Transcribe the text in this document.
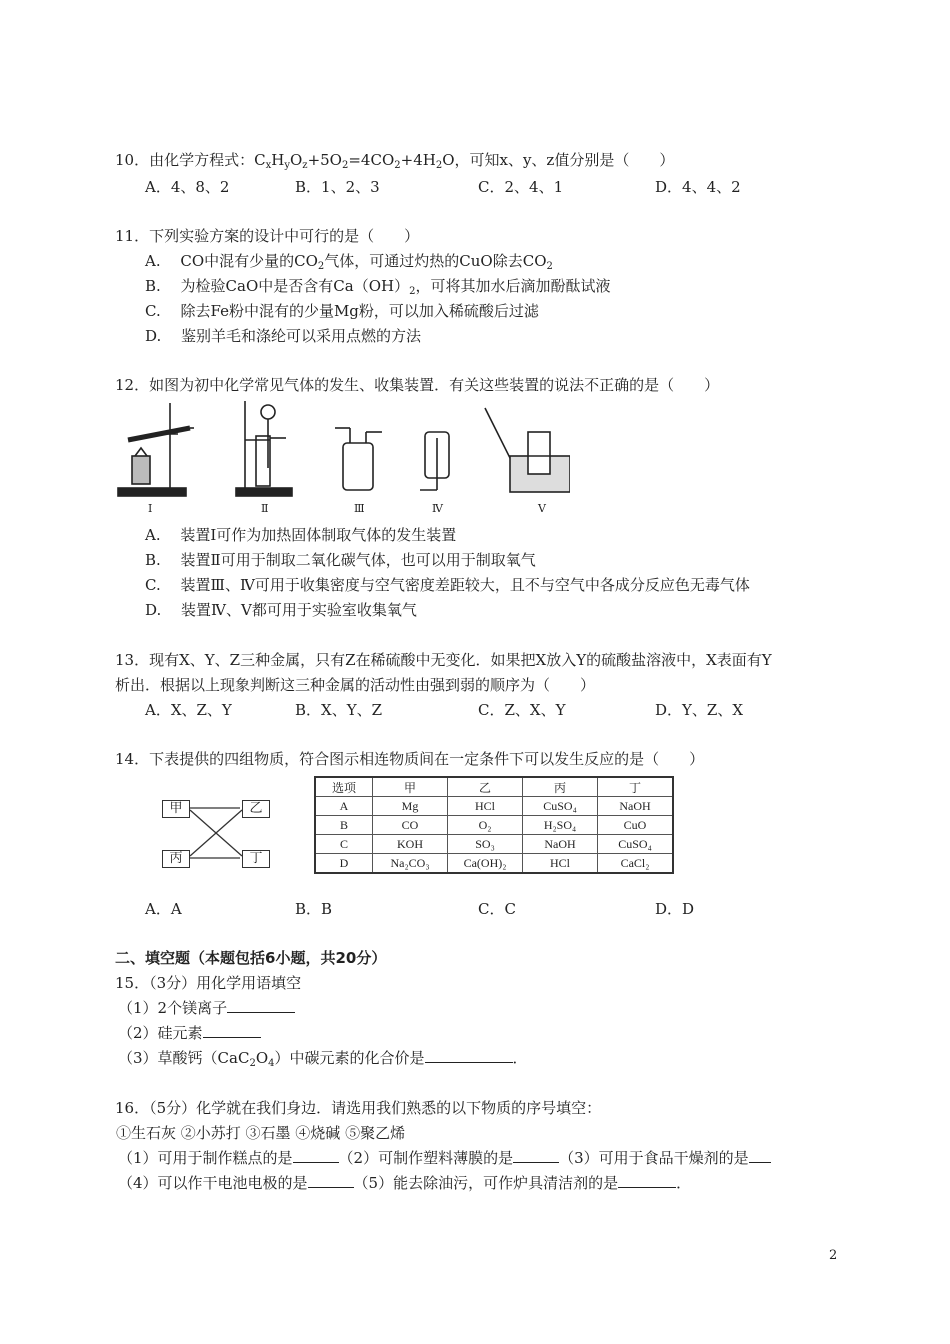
10．由化学方程式：$C_xH_yO_z+5O_2=4CO_2+4H_2O$，可知x、y、z值分别是（　　）
A．4、8、2	B．1、2、3	C．2、4、1	D．4、4、2
11．下列实验方案的设计中可行的是（　　）
A.　 CO中混有少量的$CO_2$气体，可通过灼热的CuO除去$CO_2$
B.　 为检验CaO中是否含有$Ca(OH)_2$，可将其加水后滴加酚酞试液
C.　 除去Fe粉中混有的少量Mg粉，可以加入稀硫酸后过滤
D.　 鉴别羊毛和涤纶可以采用点燃的方法
12．如图为初中化学常见气体的发生、收集装置．有关这些装置的说法不正确的是（　　）
Ⅰ	Ⅱ	Ⅲ	Ⅳ	Ⅴ
A.　 装置Ⅰ可作为加热固体制取气体的发生装置
B.　 装置Ⅱ可用于制取二氧化碳气体，也可以用于制取氧气
C.　 装置Ⅲ、Ⅳ可用于收集密度与空气密度差距较大，且不与空气中各成分反应色无毒气体
D.　 装置Ⅳ、Ⅴ都可用于实验室收集氧气
13．现有X、Y、Z三种金属，只有Z在稀硫酸中无变化．如果把X放入Y的硫酸盐溶液中，X表面有Y
析出．根据以上现象判断这三种金属的活动性由强到弱的顺序为（　　）
A．X、Z、Y	B．X、Y、Z	C．Z、X、Y	D．Y、Z、X
14．下表提供的四组物质，符合图示相连物质间在一定条件下可以发生反应的是（　　）
甲	乙
丙	丁
选项	甲	乙	丙	丁
A	Mg	HCl	CuSO₄	NaOH
B	CO	O₂	H₂SO₄	CuO
C	KOH	SO₃	NaOH	CuSO₄
D	Na₂CO₃	Ca(OH)₂	HCl	CaCl₂
A．A	B．B	C．C	D．D
二、填空题（本题包括6小题，共20分）
15．（3分）用化学用语填空
（1）2个镁离子
（2）硅元素
（3）草酸钙$(CaC_2O_4)$中碳元素的化合价是	．
16．（5分）化学就在我们身边．请选用我们熟悉的以下物质的序号填空：
①生石灰 ②小苏打 ③石墨 ④烧碱 ⑤聚乙烯
（1）可用于制作糕点的是	（2）可制作塑料薄膜的是	（3）可用于食品干燥剂的是
（4）可以作干电池电极的是	（5）能去除油污，可作炉具清洁剂的是	．
2
